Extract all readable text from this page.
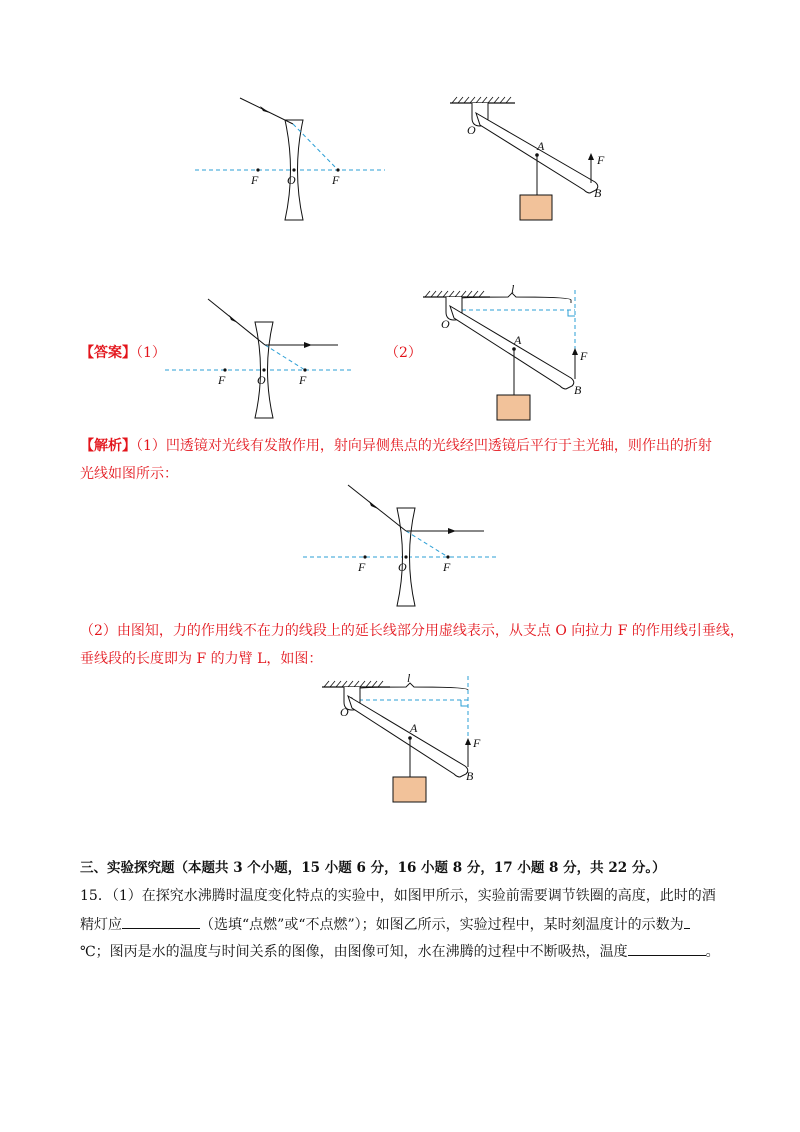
F O	F
O
A
F
B
【答案】（1）
F	O	F
（2）
l
O
A
F
B
【解析】（1）凹透镜对光线有发散作用，射向异侧焦点的光线经凹透镜后平行于主光轴，则作出的折射
光线如图所示：
F	O	F
（2）由图知，力的作用线不在力的线段上的延长线部分用虚线表示，从支点 O 向拉力 F 的作用线引垂线，
垂线段的长度即为 F 的力臂 L，如图：
l
O
A
F
B
三、实验探究题（本题共 3 个小题，15 小题 6 分，16 小题 8 分，17 小题 8 分，共 22 分。）
15．（1）在探究水沸腾时温度变化特点的实验中，如图甲所示，实验前需要调节铁圈的高度，此时的酒
精灯应	（选填“点燃”或“不点燃”）；如图乙所示，实验过程中，某时刻温度计的示数为
℃；图丙是水的温度与时间关系的图像，由图像可知，水在沸腾的过程中不断吸热，温度	。
